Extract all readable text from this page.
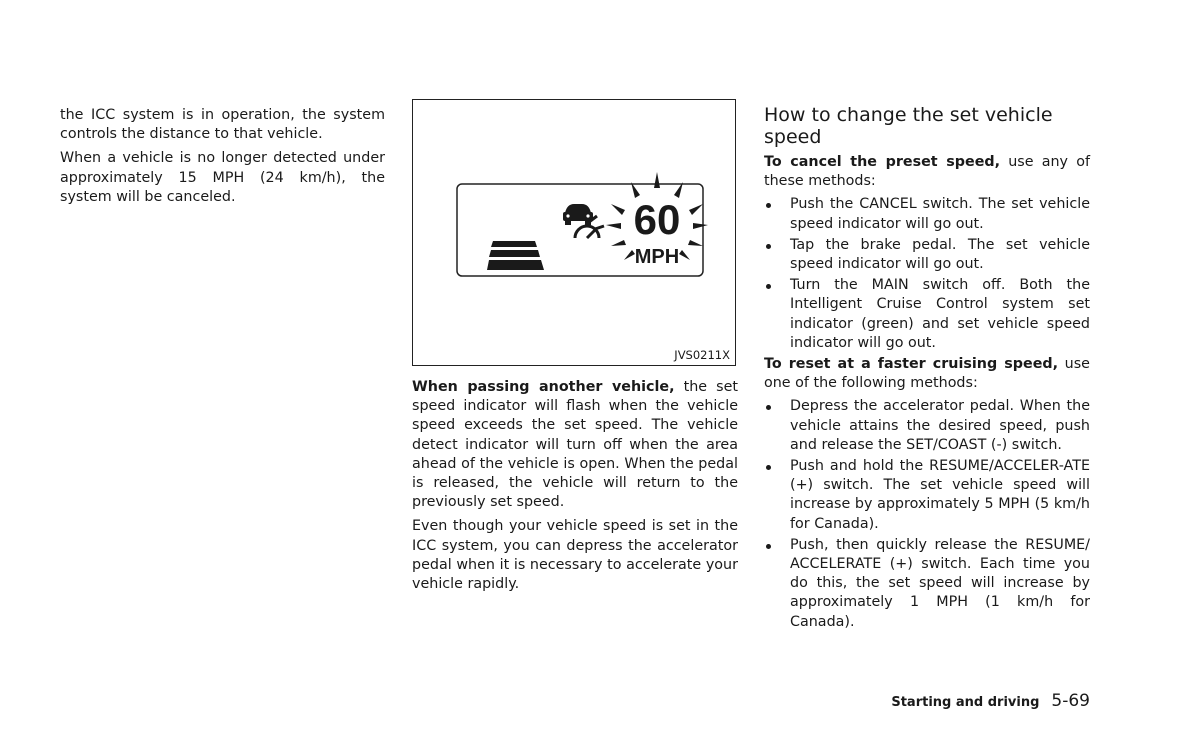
the ICC system is in operation, the system controls the distance to that vehicle.

When a vehicle is no longer detected under approximately 15 MPH (24 km/h), the system will be canceled.	60
MPH
JVS0211X

When passing another vehicle, the set speed indicator will flash when the vehicle speed exceeds the set speed. The vehicle detect indicator will turn off when the area ahead of the vehicle is open. When the pedal is released, the vehicle will return to the previously set speed.

Even though your vehicle speed is set in the ICC system, you can depress the accelerator pedal when it is necessary to accelerate your vehicle rapidly.

How to change the set vehicle speed

To cancel the preset speed, use any of these methods:

Push the CANCEL switch. The set vehicle speed indicator will go out.
Tap the brake pedal. The set vehicle speed indicator will go out.
Turn the MAIN switch off. Both the Intelligent Cruise Control system set indicator (green) and set vehicle speed indicator will go out.

To reset at a faster cruising speed, use one of the following methods:

Depress the accelerator pedal. When the vehicle attains the desired speed, push and release the SET/COAST (-) switch.
Push and hold the RESUME/ACCELER-ATE (+) switch. The set vehicle speed will increase by approximately 5 MPH (5 km/h for Canada).
Push, then quickly release the RESUME/ ACCELERATE (+) switch. Each time you do this, the set speed will increase by approximately 1 MPH (1 km/h for Canada).
Starting and driving 5-69
